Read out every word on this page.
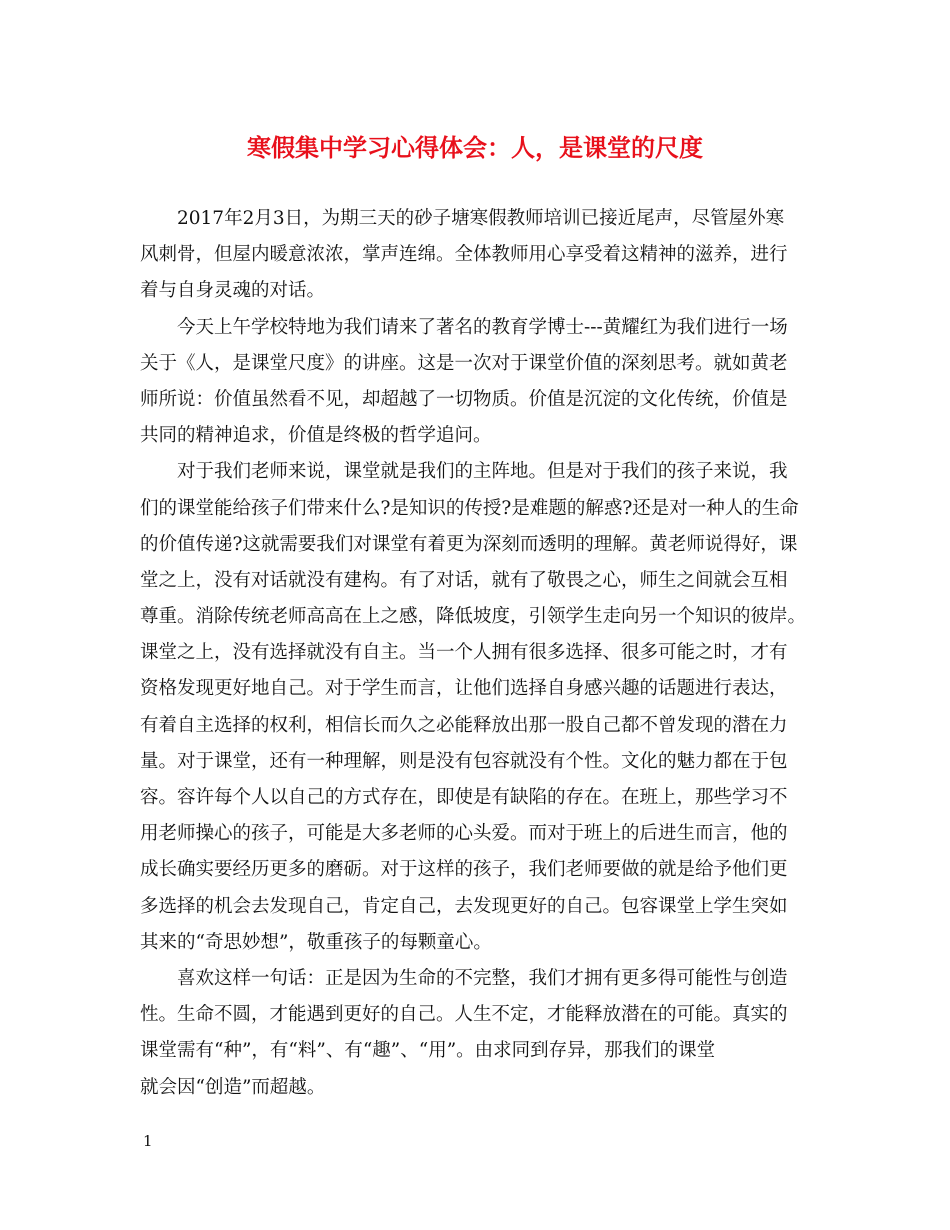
寒假集中学习心得体会：人，是课堂的尺度
2017年2月3日，为期三天的砂子塘寒假教师培训已接近尾声，尽管屋外寒
风刺骨，但屋内暖意浓浓，掌声连绵。全体教师用心享受着这精神的滋养，进行
着与自身灵魂的对话。
今天上午学校特地为我们请来了著名的教育学博士---黄耀红为我们进行一场
关于《人，是课堂尺度》的讲座。这是一次对于课堂价值的深刻思考。就如黄老
师所说：价值虽然看不见，却超越了一切物质。价值是沉淀的文化传统，价值是
共同的精神追求，价值是终极的哲学追问。
对于我们老师来说，课堂就是我们的主阵地。但是对于我们的孩子来说，我
们的课堂能给孩子们带来什么?是知识的传授?是难题的解惑?还是对一种人的生命
的价值传递?这就需要我们对课堂有着更为深刻而透明的理解。黄老师说得好，课
堂之上，没有对话就没有建构。有了对话，就有了敬畏之心，师生之间就会互相
尊重。消除传统老师高高在上之感，降低坡度，引领学生走向另一个知识的彼岸。
课堂之上，没有选择就没有自主。当一个人拥有很多选择、很多可能之时，才有
资格发现更好地自己。对于学生而言，让他们选择自身感兴趣的话题进行表达，
有着自主选择的权利，相信长而久之必能释放出那一股自己都不曾发现的潜在力
量。对于课堂，还有一种理解，则是没有包容就没有个性。文化的魅力都在于包
容。容许每个人以自己的方式存在，即使是有缺陷的存在。在班上，那些学习不
用老师操心的孩子，可能是大多老师的心头爱。而对于班上的后进生而言，他的
成长确实要经历更多的磨砺。对于这样的孩子，我们老师要做的就是给予他们更
多选择的机会去发现自己，肯定自己，去发现更好的自己。包容课堂上学生突如
其来的“奇思妙想”，敬重孩子的每颗童心。
喜欢这样一句话：正是因为生命的不完整，我们才拥有更多得可能性与创造
性。生命不圆，才能遇到更好的自己。人生不定，才能释放潜在的可能。真实的
课堂需有“种”，有“料”、有“趣”、“用”。由求同到存异，那我们的课堂
就会因“创造”而超越。
1
